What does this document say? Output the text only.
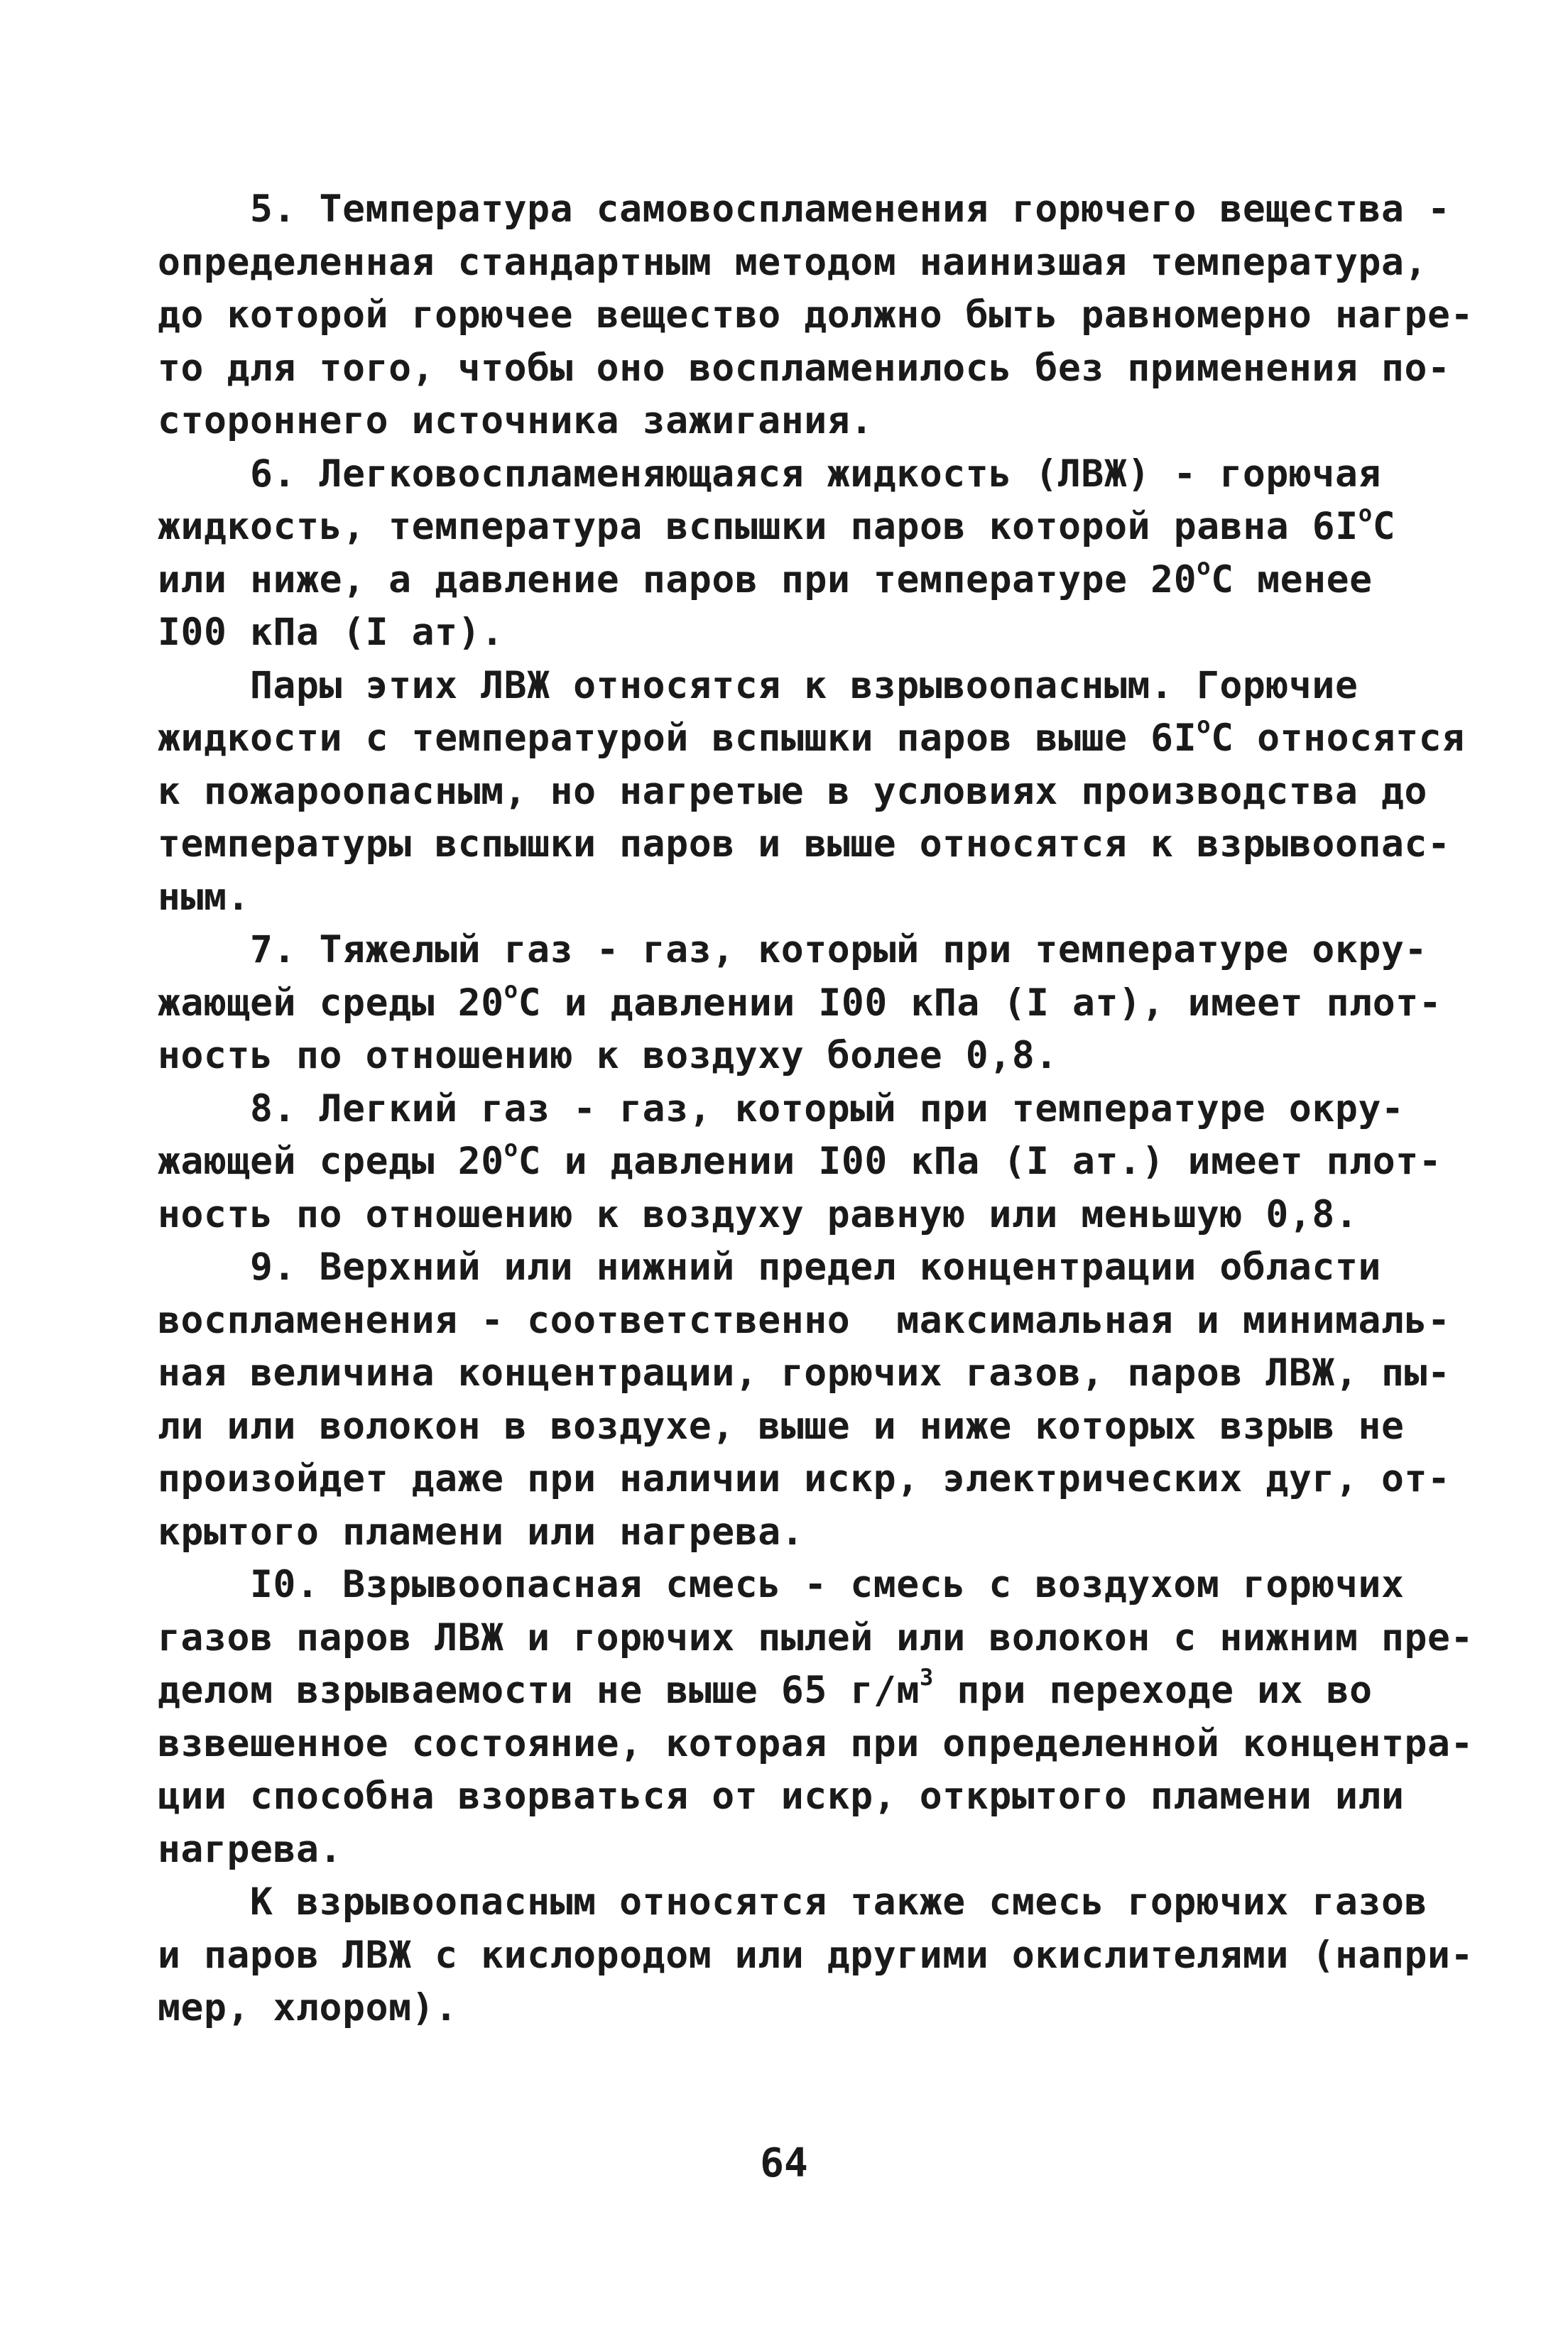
5. Температура самовоспламенения горючего вещества -
определенная стандартным методом наинизшая температура,
до которой горючее вещество должно быть равномерно нагре-
то для того, чтобы оно воспламенилось без применения по-
стороннего источника зажигания.
6. Легковоспламеняющаяся жидкость (ЛВЖ) - горючая
жидкость, температура вспышки паров которой равна $6I^oС$
или ниже, а давление паров при температуре 20$^o$С менее
I00 кПа (I ат).
Пары этих ЛВЖ относятся к взрывоопасным. Горючие
жидкости с температурой вспышки паров выше $6I^oС$ относятся
к пожароопасным, но нагретые в условиях производства до
температуры вспышки паров и выше относятся к взрывоопас-
ным.
7. Тяжелый газ - газ, который при температуре окру-
жающей среды 20$^o$С и давлении I00 кПа (I ат), имеет плот-
ность по отношению к воздуху более 0,8.
8. Легкий газ - газ, который при температуре окру-
жающей среды 20$^o$С и давлении I00 кПа (I ат.) имеет плот-
ность по отношению к воздуху равную или меньшую 0,8.
9. Верхний или нижний предел концентрации области
воспламенения - соответственно  максимальная и минималь-
ная величина концентрации, горючих газов, паров ЛВЖ, пы-
ли или волокон в воздухе, выше и ниже которых взрыв не
произойдет даже при наличии искр, электрических дуг, от-
крытого пламени или нагрева.
I0. Взрывоопасная смесь - смесь с воздухом горючих
газов паров ЛВЖ и горючих пылей или волокон с нижним пре-
делом взрываемости не выше 65 $г/м^3$ при переходе их во
взвешенное состояние, которая при определенной концентра-
ции способна взорваться от искр, открытого пламени или
нагрева.
К взрывоопасным относятся также смесь горючих газов
и паров ЛВЖ с кислородом или другими окислителями (напри-
мер, хлором).
64
